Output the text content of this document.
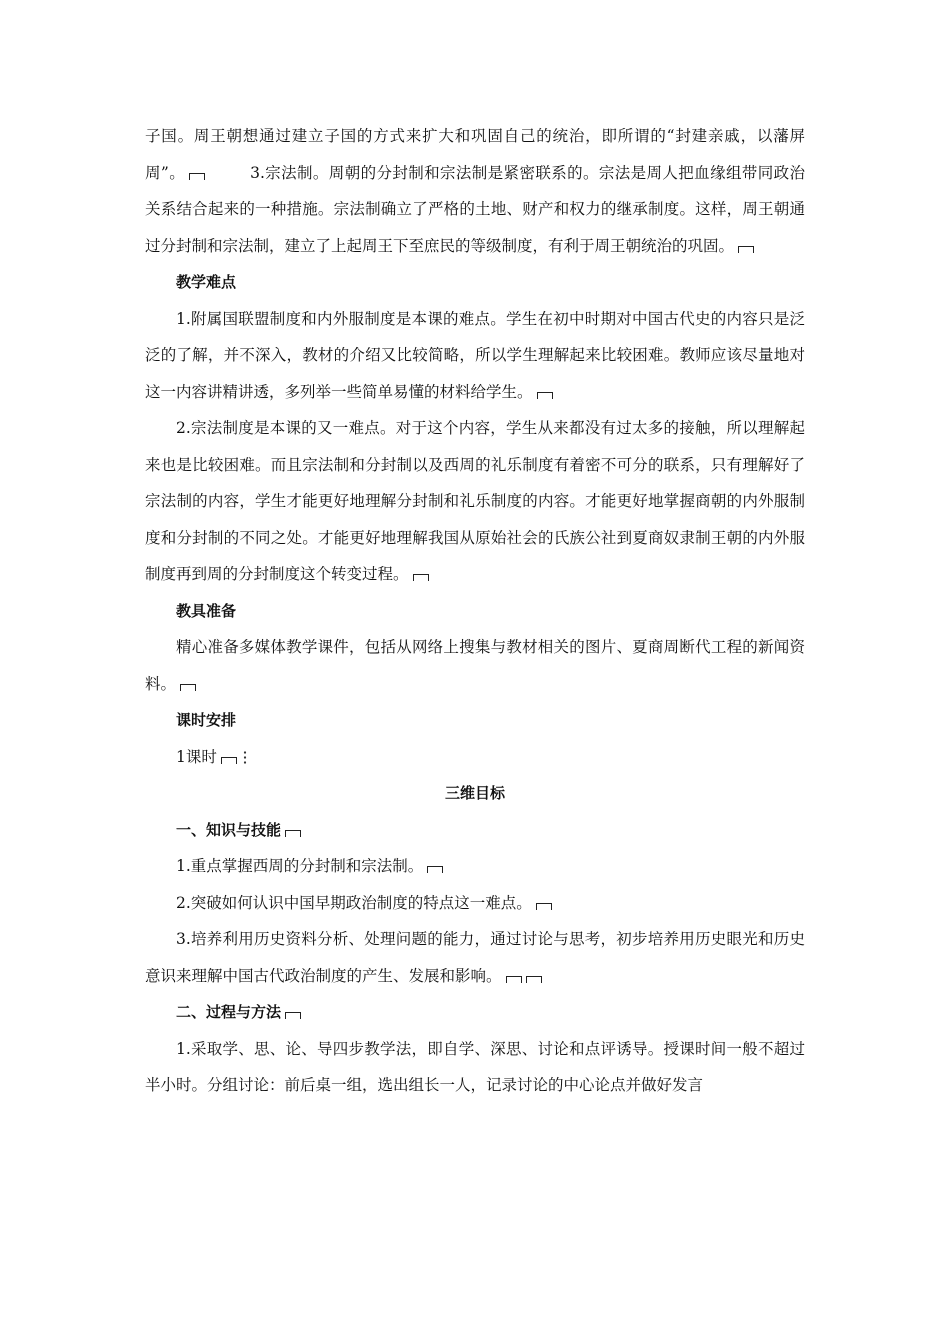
子国。周王朝想通过建立子国的方式来扩大和巩固自己的统治，即所谓的“封建亲戚，以藩屏周”。	3.宗法制。周朝的分封制和宗法制是紧密联系的。宗法是周人把血缘组带同政治关系结合起来的一种措施。宗法制确立了严格的土地、财产和权力的继承制度。这样，周王朝通过分封制和宗法制，建立了上起周王下至庶民的等级制度，有利于周王朝统治的巩固。

教学难点

1.附属国联盟制度和内外服制度是本课的难点。学生在初中时期对中国古代史的内容只是泛泛的了解，并不深入，教材的介绍又比较简略，所以学生理解起来比较困难。教师应该尽量地对这一内容讲精讲透，多列举一些简单易懂的材料给学生。

2.宗法制度是本课的又一难点。对于这个内容，学生从来都没有过太多的接触，所以理解起来也是比较困难。而且宗法制和分封制以及西周的礼乐制度有着密不可分的联系，只有理解好了宗法制的内容，学生才能更好地理解分封制和礼乐制度的内容。才能更好地掌握商朝的内外服制度和分封制的不同之处。才能更好地理解我国从原始社会的氏族公社到夏商奴隶制王朝的内外服制度再到周的分封制度这个转变过程。

教具准备

精心准备多媒体教学课件，包括从网络上搜集与教材相关的图片、夏商周断代工程的新闻资料。

课时安排

1课时

三维目标

一、知识与技能

1.重点掌握西周的分封制和宗法制。

2.突破如何认识中国早期政治制度的特点这一难点。

3.培养利用历史资料分析、处理问题的能力，通过讨论与思考，初步培养用历史眼光和历史意识来理解中国古代政治制度的产生、发展和影响。

二、过程与方法

1.采取学、思、论、导四步教学法，即自学、深思、讨论和点评诱导。授课时间一般不超过半小时。分组讨论：前后桌一组，选出组长一人，记录讨论的中心论点并做好发言
